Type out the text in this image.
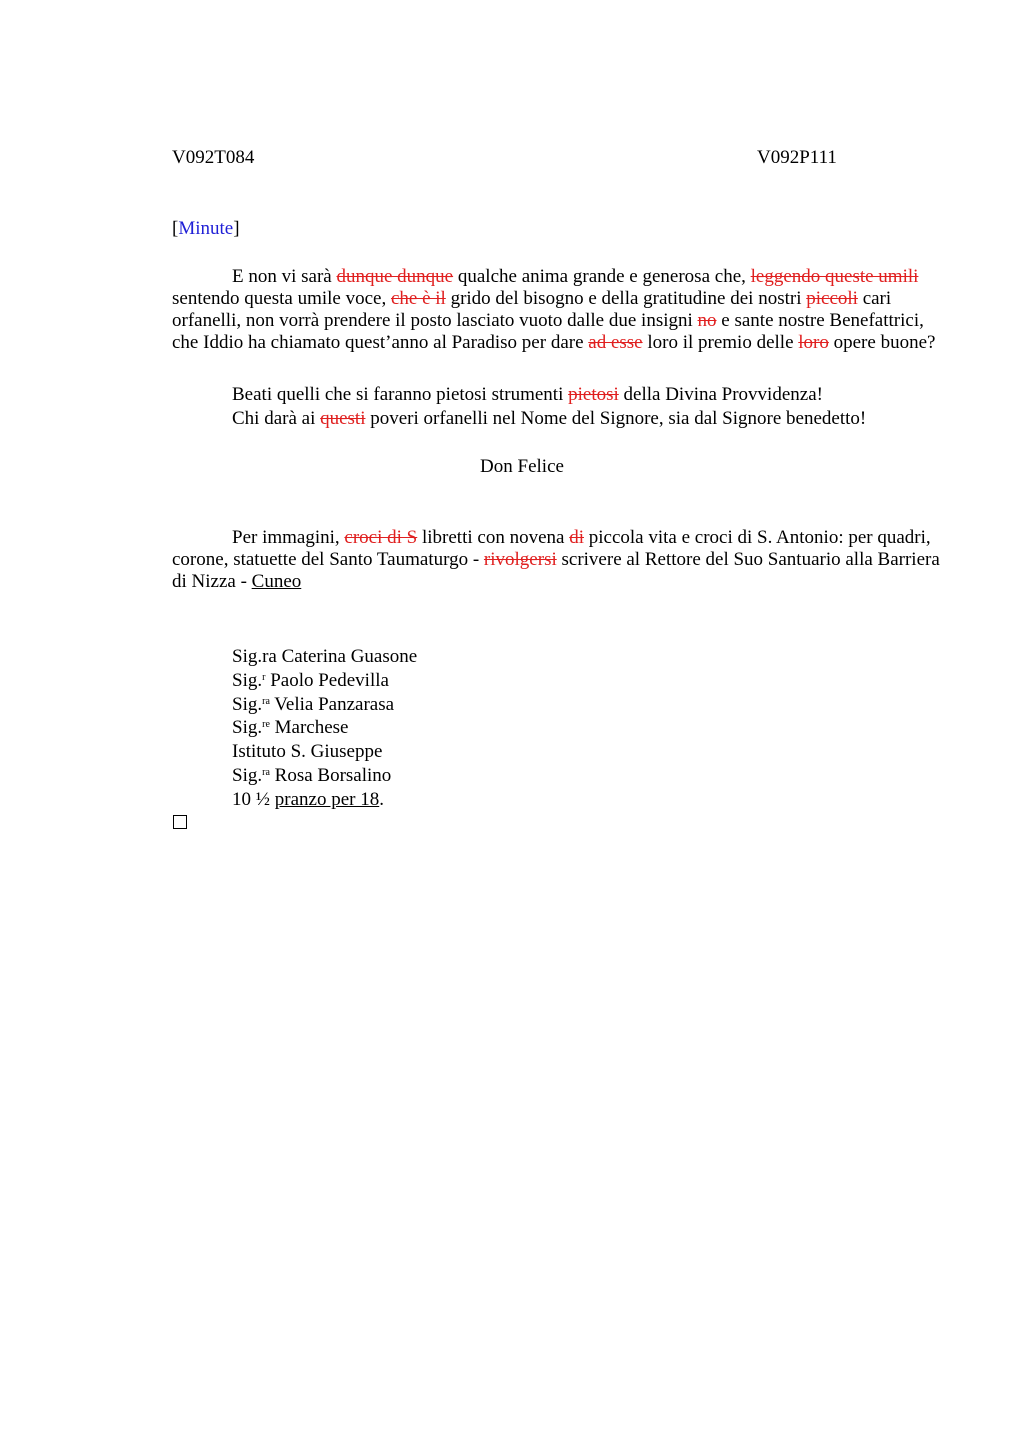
V092T084	V092P111
[Minute]
E non vi sarà dunque dunque qualche anima grande e generosa che, leggendo queste umili sentendo questa umile voce, che è il grido del bisogno e della gratitudine dei nostri piccoli cari orfanelli, non vorrà prendere il posto lasciato vuoto dalle due insigni no e sante nostre Benefattrici, che Iddio ha chiamato quest’anno al Paradiso per dare ad esse loro il premio delle loro opere buone?
Beati quelli che si faranno pietosi strumenti pietosi della Divina Provvidenza!
Chi darà ai questi poveri orfanelli nel Nome del Signore, sia dal Signore benedetto!
Don Felice
Per immagini, croci di S libretti con novena di piccola vita e croci di S. Antonio: per quadri, corone, statuette del Santo Taumaturgo - rivolgersi scrivere al Rettore del Suo Santuario alla Barriera di Nizza - Cuneo
Sig.ra Caterina Guasone
Sig.$^r$ Paolo Pedevilla
Sig.$^{ra}$ Velia Panzarasa
Sig.$^{re}$ Marchese
Istituto S. Giuseppe
Sig.$^{ra}$ Rosa Borsalino
10 ½ pranzo per 18.
